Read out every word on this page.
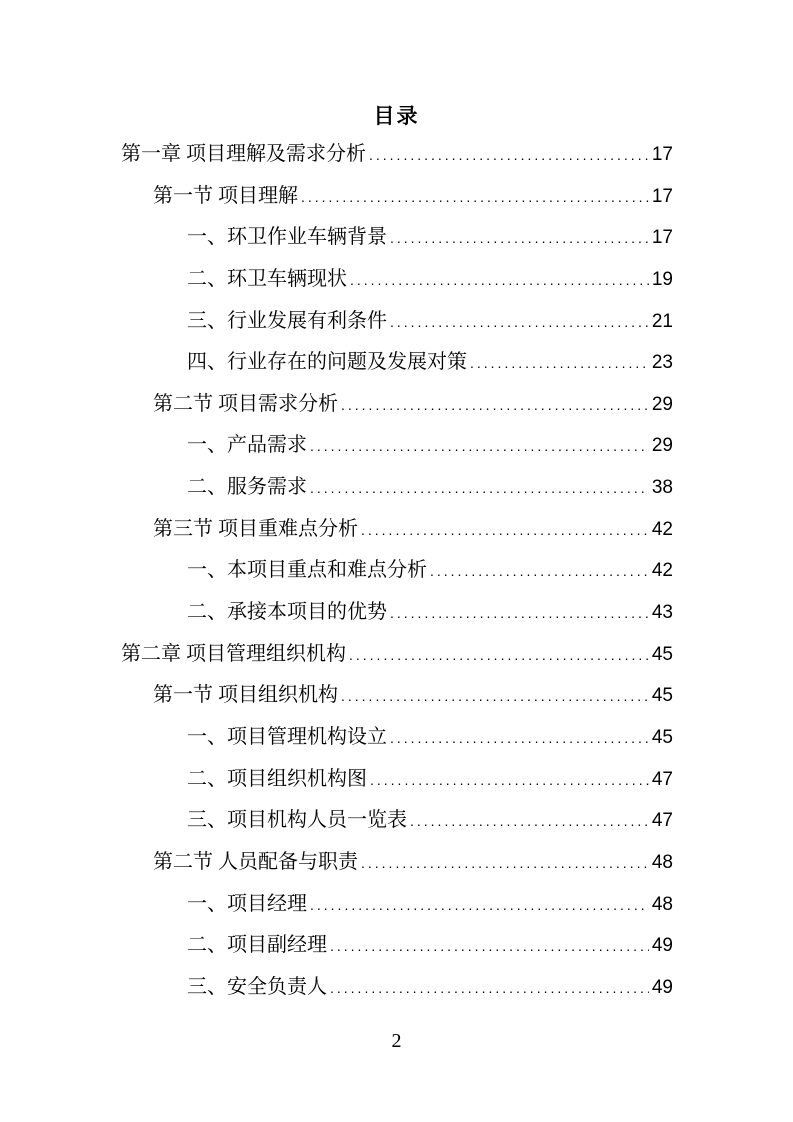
目录
第一章 项目理解及需求分析 .....	17
第一节 项目理解 .....	17
一、环卫作业车辆背景 .....	17
二、环卫车辆现状 .....	19
三、行业发展有利条件 .....	21
四、行业存在的问题及发展对策 .....	23
第二节 项目需求分析 .....	29
一、产品需求 .....	29
二、服务需求 .....	38
第三节 项目重难点分析 .....	42
一、本项目重点和难点分析 .....	42
二、承接本项目的优势 .....	43
第二章 项目管理组织机构 .....	45
第一节 项目组织机构 .....	45
一、项目管理机构设立 .....	45
二、项目组织机构图 .....	47
三、项目机构人员一览表 .....	47
第二节 人员配备与职责 .....	48
一、项目经理 .....	48
二、项目副经理 .....	49
三、安全负责人 .....	49
2
